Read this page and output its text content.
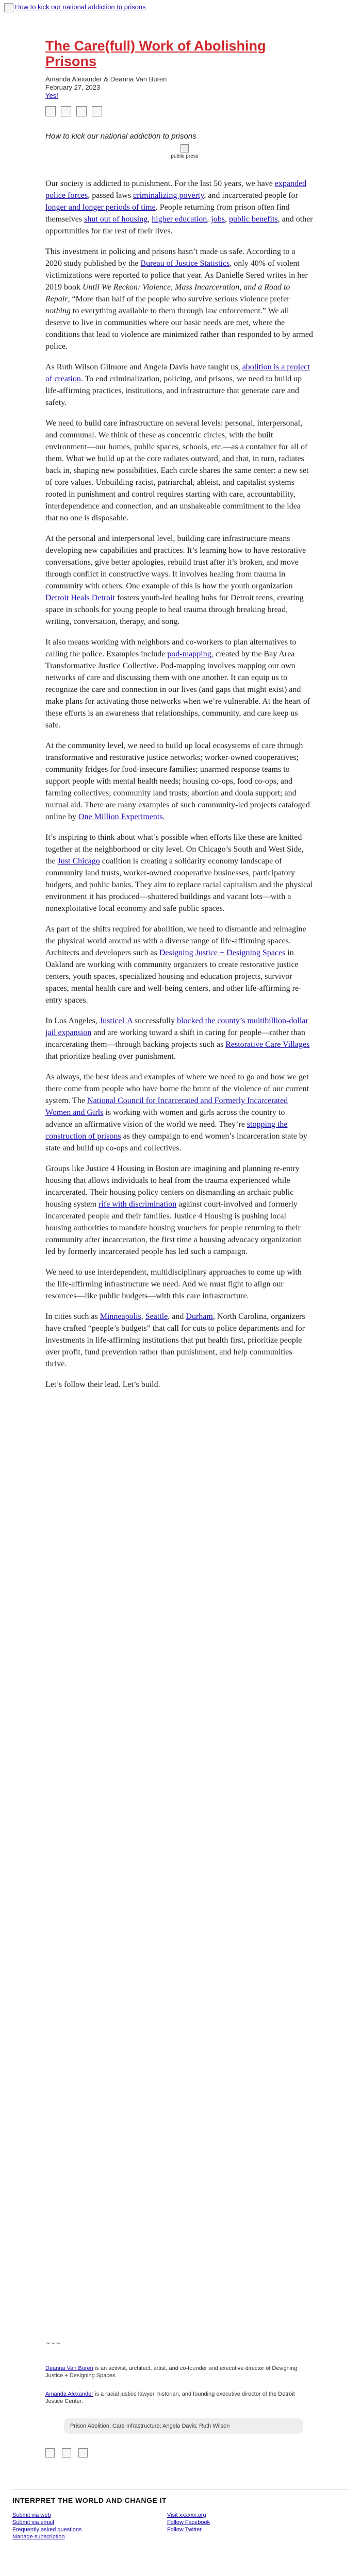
How to kick our national addiction to prisons
The Care(full) Work of Abolishing Prisons
Amanda Alexander & Deanna Van Buren
February 27, 2023
Yes!
How to kick our national addiction to prisons
public press

Our society is addicted to punishment. For the last 50 years, we have expanded police forces, passed laws criminalizing poverty, and incarcerated people for longer and longer periods of time. People returning from prison often find themselves shut out of housing, higher education, jobs, public benefits, and other opportunities for the rest of their lives.

This investment in policing and prisons hasn’t made us safe. According to a 2020 study published by the Bureau of Justice Statistics, only 40% of violent victimizations were reported to police that year. As Danielle Sered writes in her 2019 book Until We Reckon: Violence, Mass Incarceration, and a Road to Repair, “More than half of the people who survive serious violence prefer nothing to everything available to them through law enforcement.” We all deserve to live in communities where our basic needs are met, where the conditions that lead to violence are minimized rather than responded to by armed police.

As Ruth Wilson Gilmore and Angela Davis have taught us, abolition is a project of creation. To end criminalization, policing, and prisons, we need to build up life-affirming practices, institutions, and infrastructure that generate care and safety.

We need to build care infrastructure on several levels: personal, interpersonal, and communal. We think of these as concentric circles, with the built environment—our homes, public spaces, schools, etc.—as a container for all of them. What we build up at the core radiates outward, and that, in turn, radiates back in, shaping new possibilities. Each circle shares the same center: a new set of core values. Unbuilding racist, patriarchal, ableist, and capitalist systems rooted in punishment and control requires starting with care, accountability, interdependence and connection, and an unshakeable commitment to the idea that no one is disposable.

At the personal and interpersonal level, building care infrastructure means developing new capabilities and practices. It’s learning how to have restorative conversations, give better apologies, rebuild trust after it’s broken, and move through conflict in constructive ways. It involves healing from trauma in community with others. One example of this is how the youth organization Detroit Heals Detroit fosters youth-led healing hubs for Detroit teens, creating space in schools for young people to heal trauma through breaking bread, writing, conversation, therapy, and song.

It also means working with neighbors and co-workers to plan alternatives to calling the police. Examples include pod-mapping, created by the Bay Area Transformative Justice Collective. Pod-mapping involves mapping our own networks of care and discussing them with one another. It can equip us to recognize the care and connection in our lives (and gaps that might exist) and make plans for activating those networks when we’re vulnerable. At the heart of these efforts is an awareness that relationships, community, and care keep us safe.

At the community level, we need to build up local ecosystems of care through transformative and restorative justice networks; worker-owned cooperatives; community fridges for food-insecure families; unarmed response teams to support people with mental health needs; housing co-ops, food co-ops, and farming collectives; community land trusts; abortion and doula support; and mutual aid. There are many examples of such community-led projects cataloged online by One Million Experiments.

It’s inspiring to think about what’s possible when efforts like these are knitted together at the neighborhood or city level. On Chicago’s South and West Side, the Just Chicago coalition is creating a solidarity economy landscape of community land trusts, worker-owned cooperative businesses, participatory budgets, and public banks. They aim to replace racial capitalism and the physical environment it has produced—shuttered buildings and vacant lots—with a nonexploitative local economy and safe public spaces.

As part of the shifts required for abolition, we need to dismantle and reimagine the physical world around us with a diverse range of life-affirming spaces. Architects and developers such as Designing Justice + Designing Spaces in Oakland are working with community organizers to create restorative justice centers, youth spaces, specialized housing and education projects, survivor spaces, mental health care and well-being centers, and other life-affirming re-entry spaces.

In Los Angeles, JusticeLA successfully blocked the county’s multibillion-dollar jail expansion and are working toward a shift in caring for people—rather than incarcerating them—through backing projects such as Restorative Care Villages that prioritize healing over punishment.

As always, the best ideas and examples of where we need to go and how we get there come from people who have borne the brunt of the violence of our current system. The National Council for Incarcerated and Formerly Incarcerated Women and Girls is working with women and girls across the country to advance an affirmative vision of the world we need. They’re stopping the construction of prisons as they campaign to end women’s incarceration state by state and build up co-ops and collectives.

Groups like Justice 4 Housing in Boston are imagining and planning re-entry housing that allows individuals to heal from the trauma experienced while incarcerated. Their housing policy centers on dismantling an archaic public housing system rife with discrimination against court-involved and formerly incarcerated people and their families. Justice 4 Housing is pushing local housing authorities to mandate housing vouchers for people returning to their community after incarceration, the first time a housing advocacy organization led by formerly incarcerated people has led such a campaign.

We need to use interdependent, multidisciplinary approaches to come up with the life-affirming infrastructure we need. And we must fight to align our resources—like public budgets—with this care infrastructure.

In cities such as Minneapolis, Seattle, and Durham, North Carolina, organizers have crafted “people’s budgets” that call for cuts to police departments and for investments in life-affirming institutions that put health first, prioritize people over profit, fund prevention rather than punishment, and help communities thrive.

Let’s follow their lead. Let’s build.

~~~
Deanna Van Buren is an activist, architect, artist, and co-founder and executive director of Designing Justice + Designing Spaces.
Amanda Alexander is a racial justice lawyer, historian, and founding executive director of the Detroit Justice Center.
Prison Abolition; Care Infrastructure; Angela Davis; Ruth Wilson

INTERPRET THE WORLD AND CHANGE IT
Submit via web
Submit via email
Frequently asked questions
Manage subscription
Visit xxxxxx.org
Follow Facebook
Follow Twitter
